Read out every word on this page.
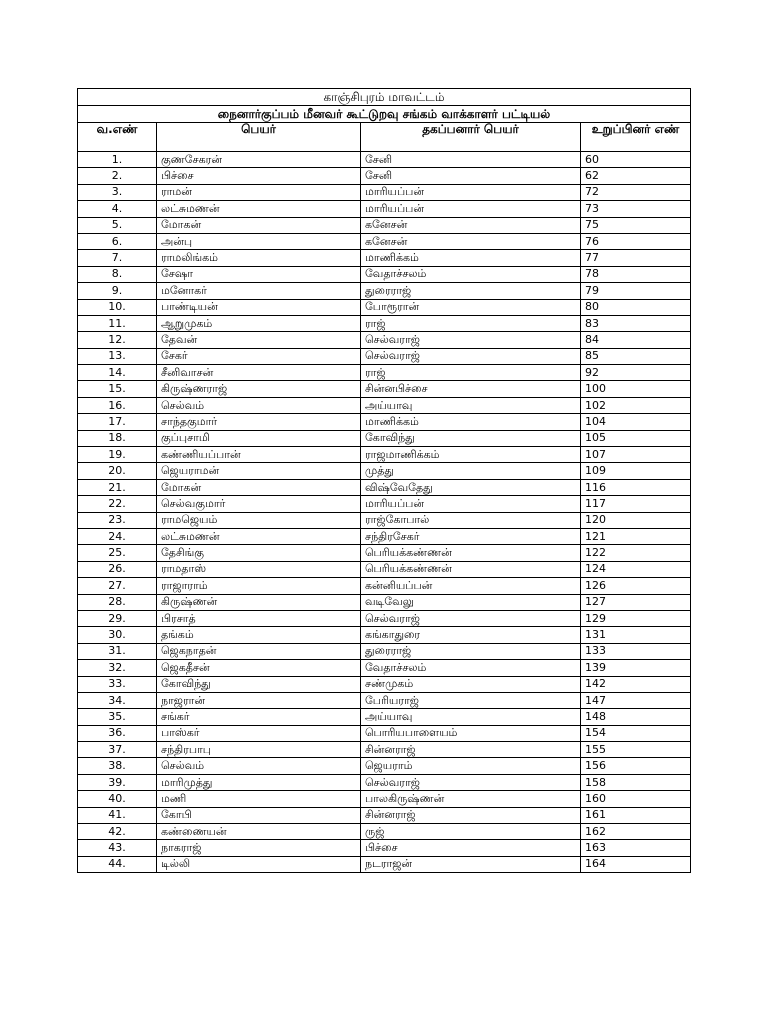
காஞ்சிபுரம் மாவட்டம்			
நைனார்குப்பம் மீனவர் கூட்டுறவு சங்கம் வாக்காளர் பட்டியல்			
வ.எண்	பெயர்	தகப்பனார் பெயர்	உறுப்பினர் எண்
1.	குணசேகரன்	சேனி	60
2.	பிச்சை	சேனி	62
3.	ராமன்	மாரியப்பன்	72
4.	லட்சுமணன்	மாரியப்பன்	73
5.	மோகன்	கனேசன்	75
6.	அன்பு	கனேசன்	76
7.	ராமலிங்கம்	மாணிக்கம்	77
8.	சேஷா	வேதாச்சலம்	78
9.	மனோகர்	துரைராஜ்	79
10.	பாண்டியன்	போரூரான்	80
11.	ஆறுமுகம்	ராஜ்	83
12.	தேவன்	செல்வராஜ்	84
13.	சேகர்	செல்வராஜ்	85
14.	சீனிவாசன்	ராஜ்	92
15.	கிருஷ்ணராஜ்	சின்னபிச்சை	100
16.	செல்வம்	அய்யாவு	102
17.	சாந்தகுமார்	மாணிக்கம்	104
18.	குப்புசாமி	கோவிந்து	105
19.	கண்ணியப்பான்	ராஜமாணிக்கம்	107
20.	ஜெயராமன்	முத்து	109
21.	மோகன்	விஷ்வேதேது	116
22.	செல்வகுமார்	மாரியப்பன்	117
23.	ராமஜெயம்	ராஜ்கோபால்	120
24.	லட்சுமணன்	சந்திரசேகர்	121
25.	தேசிங்கு	பெரியக்கண்ணன்	122
26.	ராமதாஸ்	பெரியக்கண்ணன்	124
27.	ராஜாராம்	கன்னியப்பன்	126
28.	கிருஷ்ணன்	வடிவேலு	127
29.	பிரசாத்	செல்வராஜ்	129
30.	தங்கம்	கங்காதுரை	131
31.	ஜெகநாதன்	துரைராஜ்	133
32.	ஜெகதீசன்	வேதாச்சலம்	139
33.	கோவிந்து	சண்முகம்	142
34.	நாஜரான்	பேரியராஜ்	147
35.	சங்கர்	அய்யாவு	148
36.	பாஸ்கர்	பொரியபாளையம்	154
37.	சந்திரபாபு	சின்னராஜ்	155
38.	செல்வம்	ஜெயராம்	156
39.	மாரிமுத்து	செல்வராஜ்	158
40.	மணி	பாலகிருஷ்ணன்	160
41.	கோபி	சின்னராஜ்	161
42.	கண்ணையன்	ருஜ்	162
43.	நாகராஜ்	பிச்சை	163
44.	டில்லி	நடராஜன்	164
